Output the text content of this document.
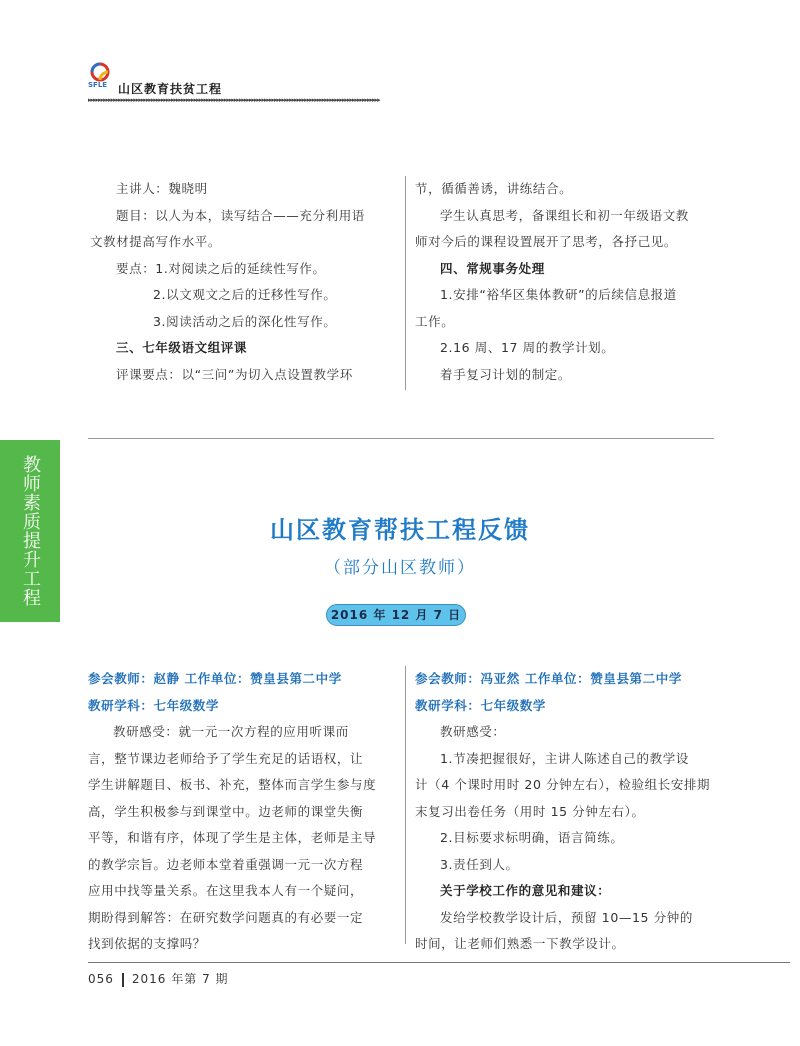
SFLE 山区教育扶贫工程
▸▸▸▸▸▸▸▸▸▸▸▸▸▸▸▸▸▸▸▸▸▸▸▸▸▸▸▸▸▸▸▸▸▸▸▸▸▸▸▸▸▸▸▸▸▸▸▸▸▸▸▸▸▸▸▸▸▸▸▸▸▸▸▸▸▸▸▸▸▸▸▸▸▸▸▸▸▸▸▸▸▸▸▸▸▸▸▸▸▸▸▸▸▸▸▸▸▸▸▸▸▸▸▸▸▸▸▸▸▸▸▸▸▸▸▸

主讲人：魏晓明

题目：以人为本，读写结合——充分利用语

文教材提高写作水平。

要点：1.对阅读之后的延续性写作。

2.以文观文之后的迁移性写作。

3.阅读活动之后的深化性写作。

三、七年级语文组评课

评课要点：以“三问”为切入点设置教学环

节，循循善诱，讲练结合。

学生认真思考，备课组长和初一年级语文教

师对今后的课程设置展开了思考，各抒己见。

四、常规事务处理

1.安排“裕华区集体教研”的后续信息报道

工作。

2.16 周、17 周的教学计划。

着手复习计划的制定。

教师素质提升工程	山区教育帮扶工程反馈
（部分山区教师）
2016 年 12 月 7 日

参会教师：赵静 工作单位：赞皇县第二中学

教研学科：七年级数学

教研感受：就一元一次方程的应用听课而

言，整节课边老师给予了学生充足的话语权，让

学生讲解题目、板书、补充，整体而言学生参与度

高，学生积极参与到课堂中。边老师的课堂失衡

平等，和谐有序，体现了学生是主体，老师是主导

的教学宗旨。边老师本堂着重强调一元一次方程

应用中找等量关系。在这里我本人有一个疑问，

期盼得到解答：在研究数学问题真的有必要一定

找到依据的支撑吗？

参会教师：冯亚然 工作单位：赞皇县第二中学

教研学科：七年级数学

教研感受：

1.节凑把握很好，主讲人陈述自己的教学设

计（4 个课时用时 20 分钟左右），检验组长安排期

末复习出卷任务（用时 15 分钟左右）。

2.目标要求标明确，语言简练。

3.责任到人。

关于学校工作的意见和建议：

发给学校教学设计后，预留 10—15 分钟的

时间，让老师们熟悉一下教学设计。

056 2016 年第 7 期
